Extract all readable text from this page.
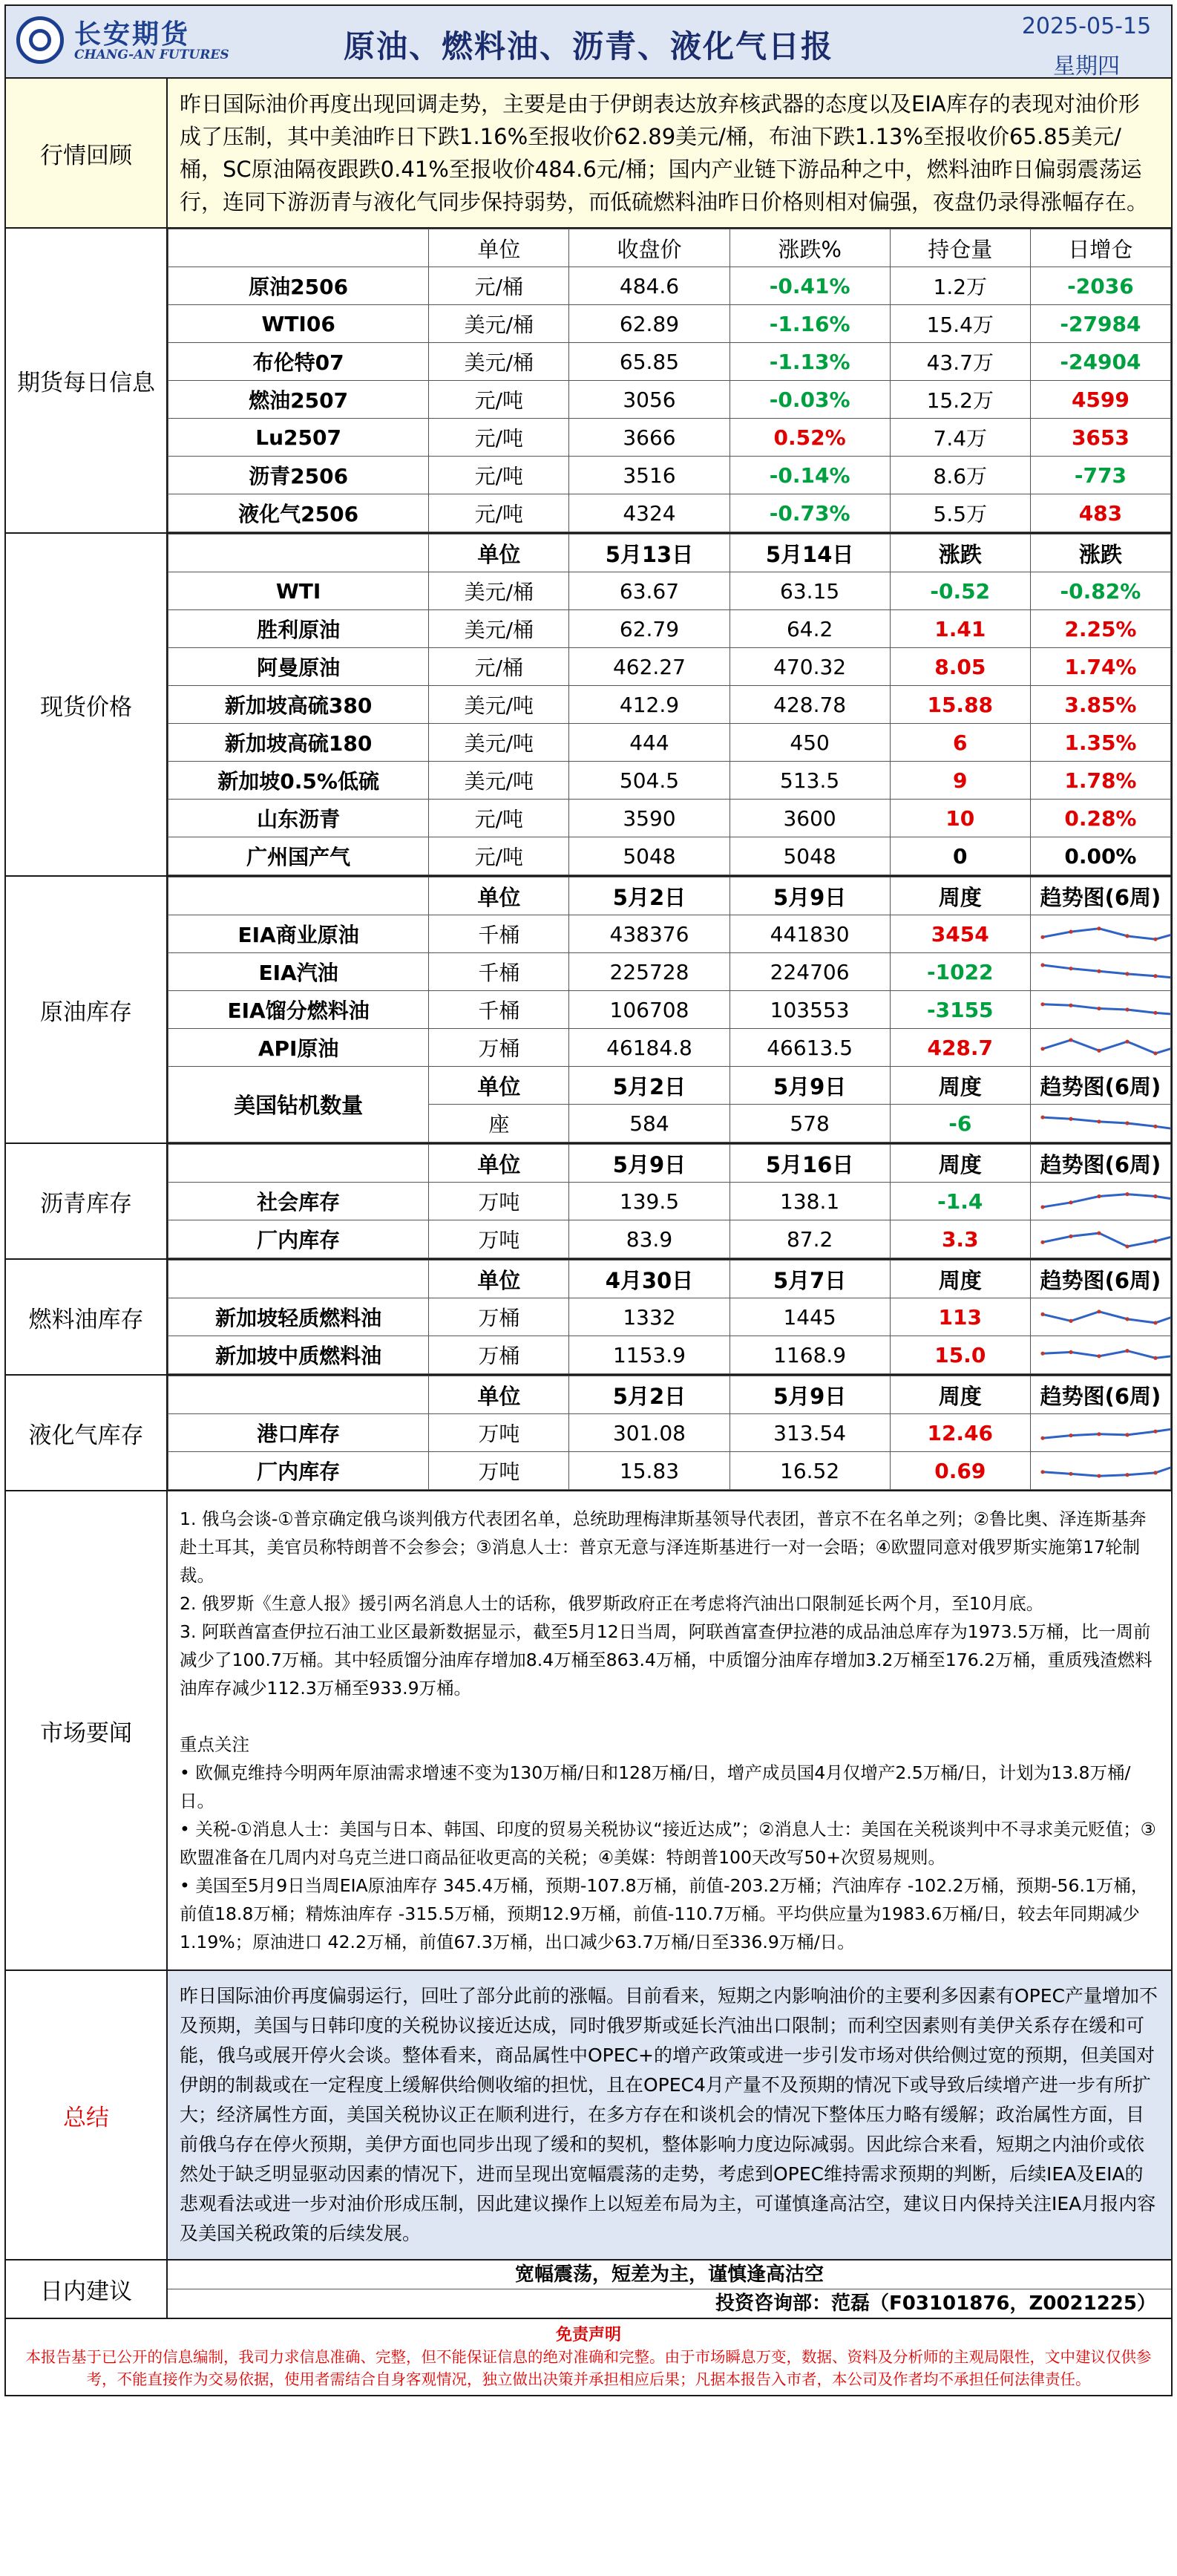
长安期货
CHANG-AN FUTURES	原油、燃料油、沥青、液化气日报
2025-05-15
星期四
行情回顾
昨日国际油价再度出现回调走势，主要是由于伊朗表达放弃核武器的态度以及EIA库存的表现对油价形成了压制，其中美油昨日下跌1.16%至报收价62.89美元/桶，布油下跌1.13%至报收价65.85美元/桶，SC原油隔夜跟跌0.41%至报收价484.6元/桶；国内产业链下游品种之中，燃料油昨日偏弱震荡运行，连同下游沥青与液化气同步保持弱势，而低硫燃料油昨日价格则相对偏强，夜盘仍录得涨幅存在。
期货每日信息
	单位	收盘价	涨跌%	持仓量	日增仓
原油2506	元/桶	484.6	-0.41%	1.2万	-2036
WTI06	美元/桶	62.89	-1.16%	15.4万	-27984
布伦特07	美元/桶	65.85	-1.13%	43.7万	-24904
燃油2507	元/吨	3056	-0.03%	15.2万	4599
Lu2507	元/吨	3666	0.52%	7.4万	3653
沥青2506	元/吨	3516	-0.14%	8.6万	-773
液化气2506	元/吨	4324	-0.73%	5.5万	483
现货价格
	单位	5月13日	5月14日	涨跌	涨跌
WTI	美元/桶	63.67	63.15	-0.52	-0.82%
胜利原油	美元/桶	62.79	64.2	1.41	2.25%
阿曼原油	元/桶	462.27	470.32	8.05	1.74%
新加坡高硫380	美元/吨	412.9	428.78	15.88	3.85%
新加坡高硫180	美元/吨	444	450	6	1.35%
新加坡0.5%低硫	美元/吨	504.5	513.5	9	1.78%
山东沥青	元/吨	3590	3600	10	0.28%
广州国产气	元/吨	5048	5048	0	0.00%
原油库存
	单位	5月2日	5月9日	周度	趋势图(6周)
EIA商业原油	千桶	438376	441830	3454	

EIA汽油	千桶	225728	224706	-1022	

EIA馏分燃料油	千桶	106708	103553	-3155	

API原油	万桶	46184.8	46613.5	428.7	

美国钻机数量	单位	5月2日	5月9日	周度	趋势图(6周)
	座	584	578	-6	
沥青库存
	单位	5月9日	5月16日	周度	趋势图(6周)
社会库存	万吨	139.5	138.1	-1.4	

厂内库存	万吨	83.9	87.2	3.3	
燃料油库存
	单位	4月30日	5月7日	周度	趋势图(6周)
新加坡轻质燃料油	万桶	1332	1445	113	

新加坡中质燃料油	万桶	1153.9	1168.9	15.0	
液化气库存
	单位	5月2日	5月9日	周度	趋势图(6周)
港口库存	万吨	301.08	313.54	12.46	

厂内库存	万吨	15.83	16.52	0.69	
市场要闻

1. 俄乌会谈-①普京确定俄乌谈判俄方代表团名单，总统助理梅津斯基领导代表团，普京不在名单之列；②鲁比奥、泽连斯基奔赴土耳其，美官员称特朗普不会参会；③消息人士：普京无意与泽连斯基进行一对一会晤；④欧盟同意对俄罗斯实施第17轮制裁。

2. 俄罗斯《生意人报》援引两名消息人士的话称，俄罗斯政府正在考虑将汽油出口限制延长两个月，至10月底。

3. 阿联酋富查伊拉石油工业区最新数据显示，截至5月12日当周，阿联酋富查伊拉港的成品油总库存为1973.5万桶，比一周前减少了100.7万桶。其中轻质馏分油库存增加8.4万桶至863.4万桶，中质馏分油库存增加3.2万桶至176.2万桶，重质残渣燃料油库存减少112.3万桶至933.9万桶。

重点关注

• 欧佩克维持今明两年原油需求增速不变为130万桶/日和128万桶/日，增产成员国4月仅增产2.5万桶/日，计划为13.8万桶/日。

• 关税-①消息人士：美国与日本、韩国、印度的贸易关税协议“接近达成”；②消息人士：美国在关税谈判中不寻求美元贬值；③欧盟准备在几周内对乌克兰进口商品征收更高的关税；④美媒：特朗普100天改写50+次贸易规则。

• 美国至5月9日当周EIA原油库存 345.4万桶，预期-107.8万桶，前值-203.2万桶；汽油库存 -102.2万桶，预期-56.1万桶，前值18.8万桶；精炼油库存 -315.5万桶，预期12.9万桶，前值-110.7万桶。平均供应量为1983.6万桶/日，较去年同期减少1.19%；原油进口 42.2万桶，前值67.3万桶，出口减少63.7万桶/日至336.9万桶/日。

总结
昨日国际油价再度偏弱运行，回吐了部分此前的涨幅。目前看来，短期之内影响油价的主要利多因素有OPEC产量增加不及预期，美国与日韩印度的关税协议接近达成，同时俄罗斯或延长汽油出口限制；而利空因素则有美伊关系存在缓和可能，俄乌或展开停火会谈。整体看来，商品属性中OPEC+的增产政策或进一步引发市场对供给侧过宽的预期，但美国对伊朗的制裁或在一定程度上缓解供给侧收缩的担忧，且在OPEC4月产量不及预期的情况下或导致后续增产进一步有所扩大；经济属性方面，美国关税协议正在顺利进行，在多方存在和谈机会的情况下整体压力略有缓解；政治属性方面，目前俄乌存在停火预期，美伊方面也同步出现了缓和的契机，整体影响力度边际减弱。因此综合来看，短期之内油价或依然处于缺乏明显驱动因素的情况下，进而呈现出宽幅震荡的走势，考虑到OPEC维持需求预期的判断，后续IEA及EIA的悲观看法或进一步对油价形成压制，因此建议操作上以短差布局为主，可谨慎逢高沽空，建议日内保持关注IEA月报内容及美国关税政策的后续发展。
日内建议
宽幅震荡，短差为主，谨慎逢高沽空
投资咨询部：范磊（F03101876，Z0021225）
免责声明
本报告基于已公开的信息编制，我司力求信息准确、完整，但不能保证信息的绝对准确和完整。由于市场瞬息万变，数据、资料及分析师的主观局限性，文中建议仅供参考，不能直接作为交易依据，使用者需结合自身客观情况，独立做出决策并承担相应后果；凡据本报告入市者，本公司及作者均不承担任何法律责任。
